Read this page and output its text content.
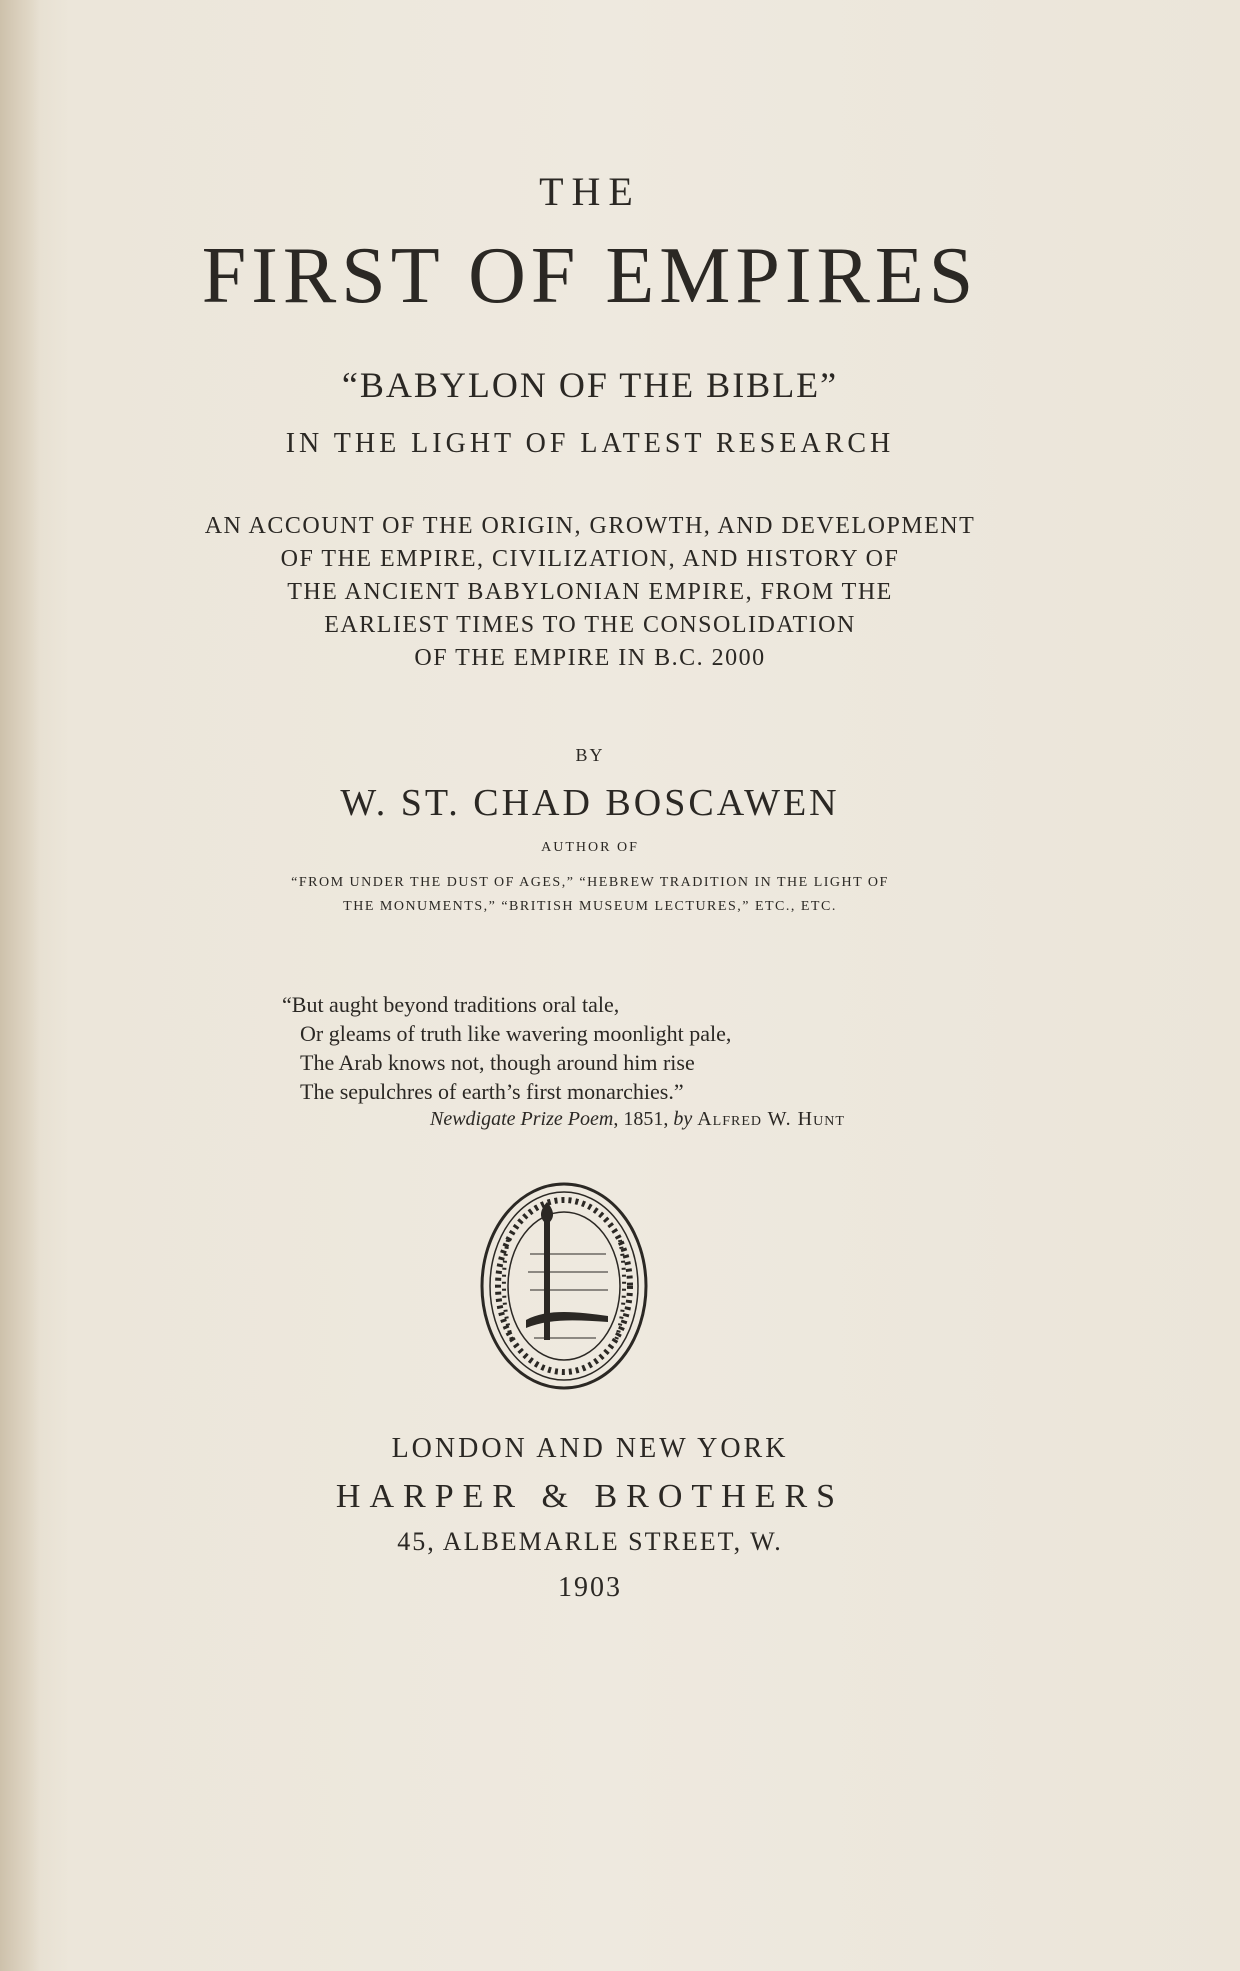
THE
FIRST OF EMPIRES
“BABYLON OF THE BIBLE”
IN THE LIGHT OF LATEST RESEARCH
AN ACCOUNT OF THE ORIGIN, GROWTH, AND DEVELOPMENT
OF THE EMPIRE, CIVILIZATION, AND HISTORY OF
THE ANCIENT BABYLONIAN EMPIRE, FROM THE
EARLIEST TIMES TO THE CONSOLIDATION
OF THE EMPIRE IN B.C. 2000
BY
W. ST. CHAD BOSCAWEN
AUTHOR OF
“FROM UNDER THE DUST OF AGES,” “HEBREW TRADITION IN THE LIGHT OF
THE MONUMENTS,” “BRITISH MUSEUM LECTURES,” ETC., ETC.
“But aught beyond traditions oral tale,
Or gleams of truth like wavering moonlight pale,
The Arab knows not, though around him rise
The sepulchres of earth’s first monarchies.”
Newdigate Prize Poem, 1851, by Alfred W. Hunt
LONDON AND NEW YORK
HARPER & BROTHERS
45, ALBEMARLE STREET, W.
1903
